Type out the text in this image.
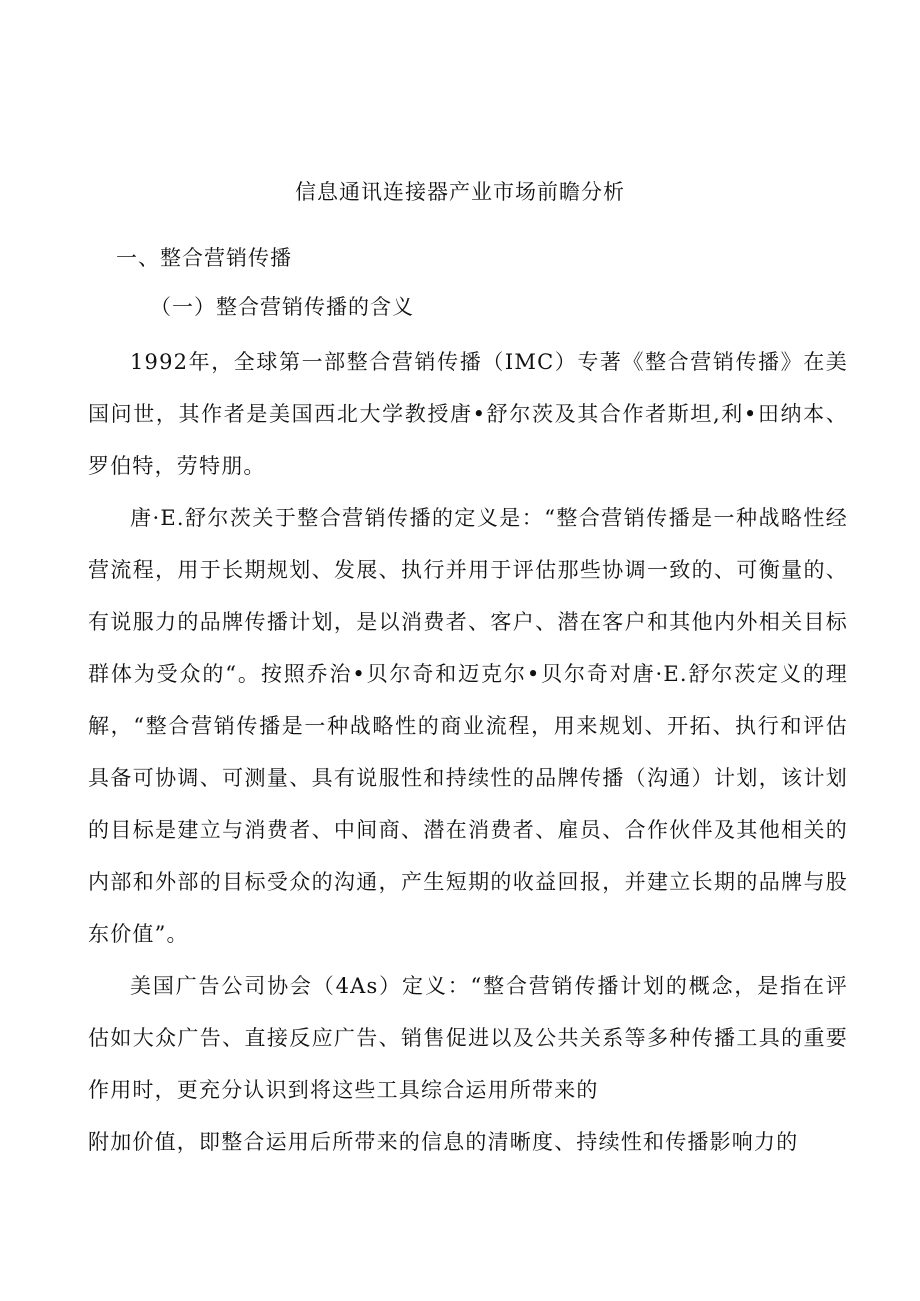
信息通讯连接器产业市场前瞻分析
一、整合营销传播
（一）整合营销传播的含义

1992年，全球第一部整合营销传播（IMC）专著《整合营销传播》在美国问世，其作者是美国西北大学教授唐•舒尔茨及其合作者斯坦,利•田纳本、罗伯特，劳特朋。

唐·E.舒尔茨关于整合营销传播的定义是：“整合营销传播是一种战略性经营流程，用于长期规划、发展、执行并用于评估那些协调一致的、可衡量的、有说服力的品牌传播计划，是以消费者、客户、潜在客户和其他内外相关目标群体为受众的“。按照乔治•贝尔奇和迈克尔•贝尔奇对唐·E.舒尔茨定义的理解，“整合营销传播是一种战略性的商业流程，用来规划、开拓、执行和评估具备可协调、可测量、具有说服性和持续性的品牌传播（沟通）计划，该计划的目标是建立与消费者、中间商、潜在消费者、雇员、合作伙伴及其他相关的内部和外部的目标受众的沟通，产生短期的收益回报，并建立长期的品牌与股东价值”。

美国广告公司协会（4As）定义：“整合营销传播计划的概念，是指在评估如大众广告、直接反应广告、销售促进以及公共关系等多种传播工具的重要作用时，更充分认识到将这些工具综合运用所带来的

附加价值，即整合运用后所带来的信息的清晰度、持续性和传播影响力的
